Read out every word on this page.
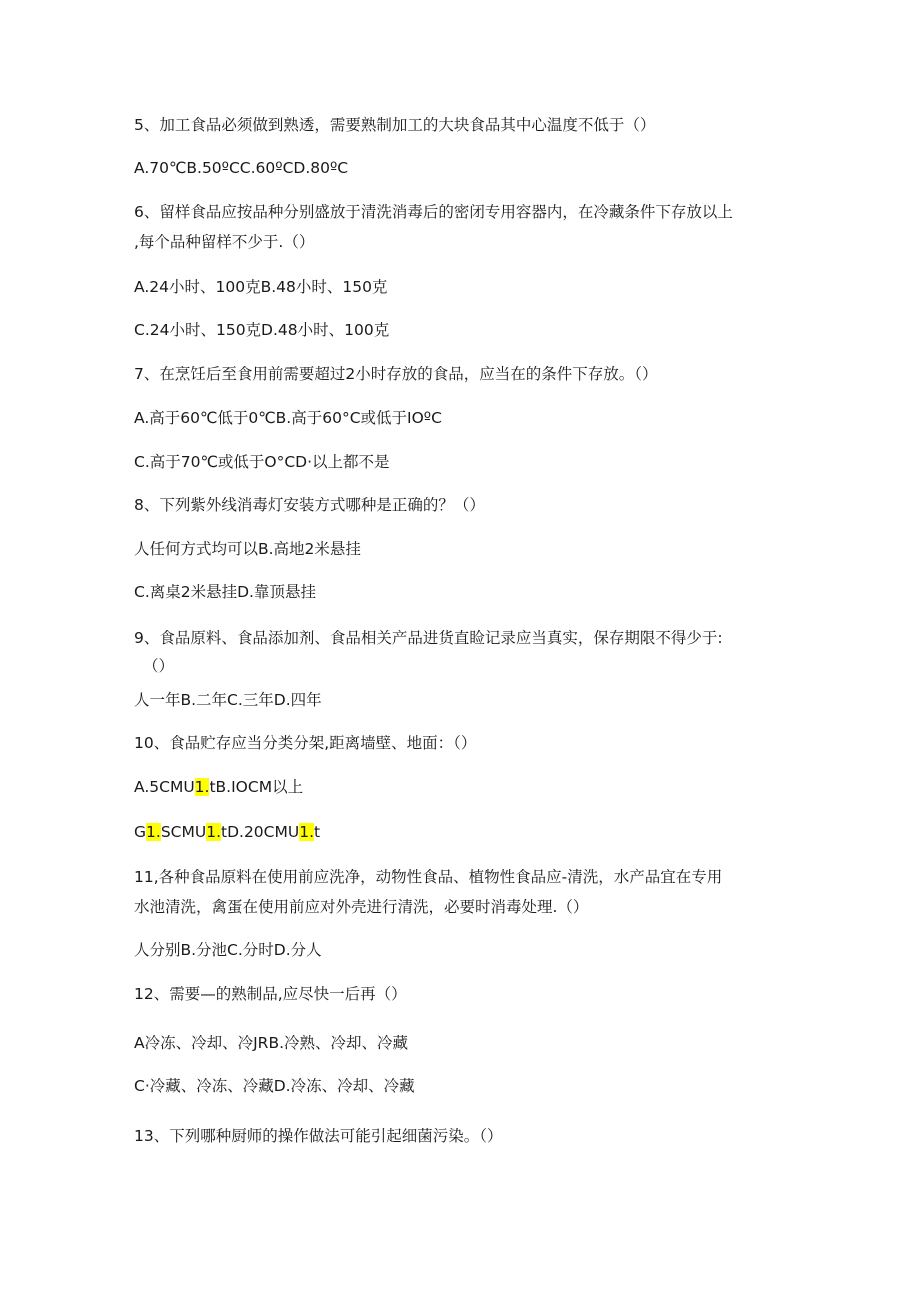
5、加工食品必须做到熟透，需要熟制加工的大块食品其中心温度不低于（）
A.70℃B.50ºCC.60ºCD.80ºC
6、留样食品应按品种分别盛放于清洗消毒后的密闭专用容器内，在冷藏条件下存放以上
,每个品种留样不少于.（）
A.24小时、100克B.48小时、150克
C.24小时、150克D.48小时、100克
7、在烹饪后至食用前需要超过2小时存放的食品，应当在的条件下存放。（）
A.高于60℃低于0℃B.高于60°C或低于IOºC
C.高于70℃或低于O°CD·以上都不是
8、下列紫外线消毒灯安装方式哪种是正确的？（）
人任何方式均可以B.高地2米悬挂
C.离桌2米悬挂D.靠顶悬挂
9、食品原料、食品添加剂、食品相关产品进货直睑记录应当真实，保存期限不得少于:
（）
人一年B.二年C.三年D.四年
10、食品贮存应当分类分架,距离墙壁、地面：（）
A.5CMU1.tB.IOCM以上
G1.SCMU1.tD.20CMU1.t
11,各种食品原料在使用前应洗净，动物性食品、植物性食品应-清洗，水产品宜在专用
水池清洗，禽蛋在使用前应对外壳进行清洗，必要时消毒处理.（）
人分别B.分池C.分时D.分人
12、需要—的熟制品,应尽快一后再（）
A冷冻、冷却、冷JRB.冷熟、冷却、冷藏
C·冷藏、冷冻、冷藏D.冷冻、冷却、冷藏
13、下列哪种厨师的操作做法可能引起细菌污染。（）
